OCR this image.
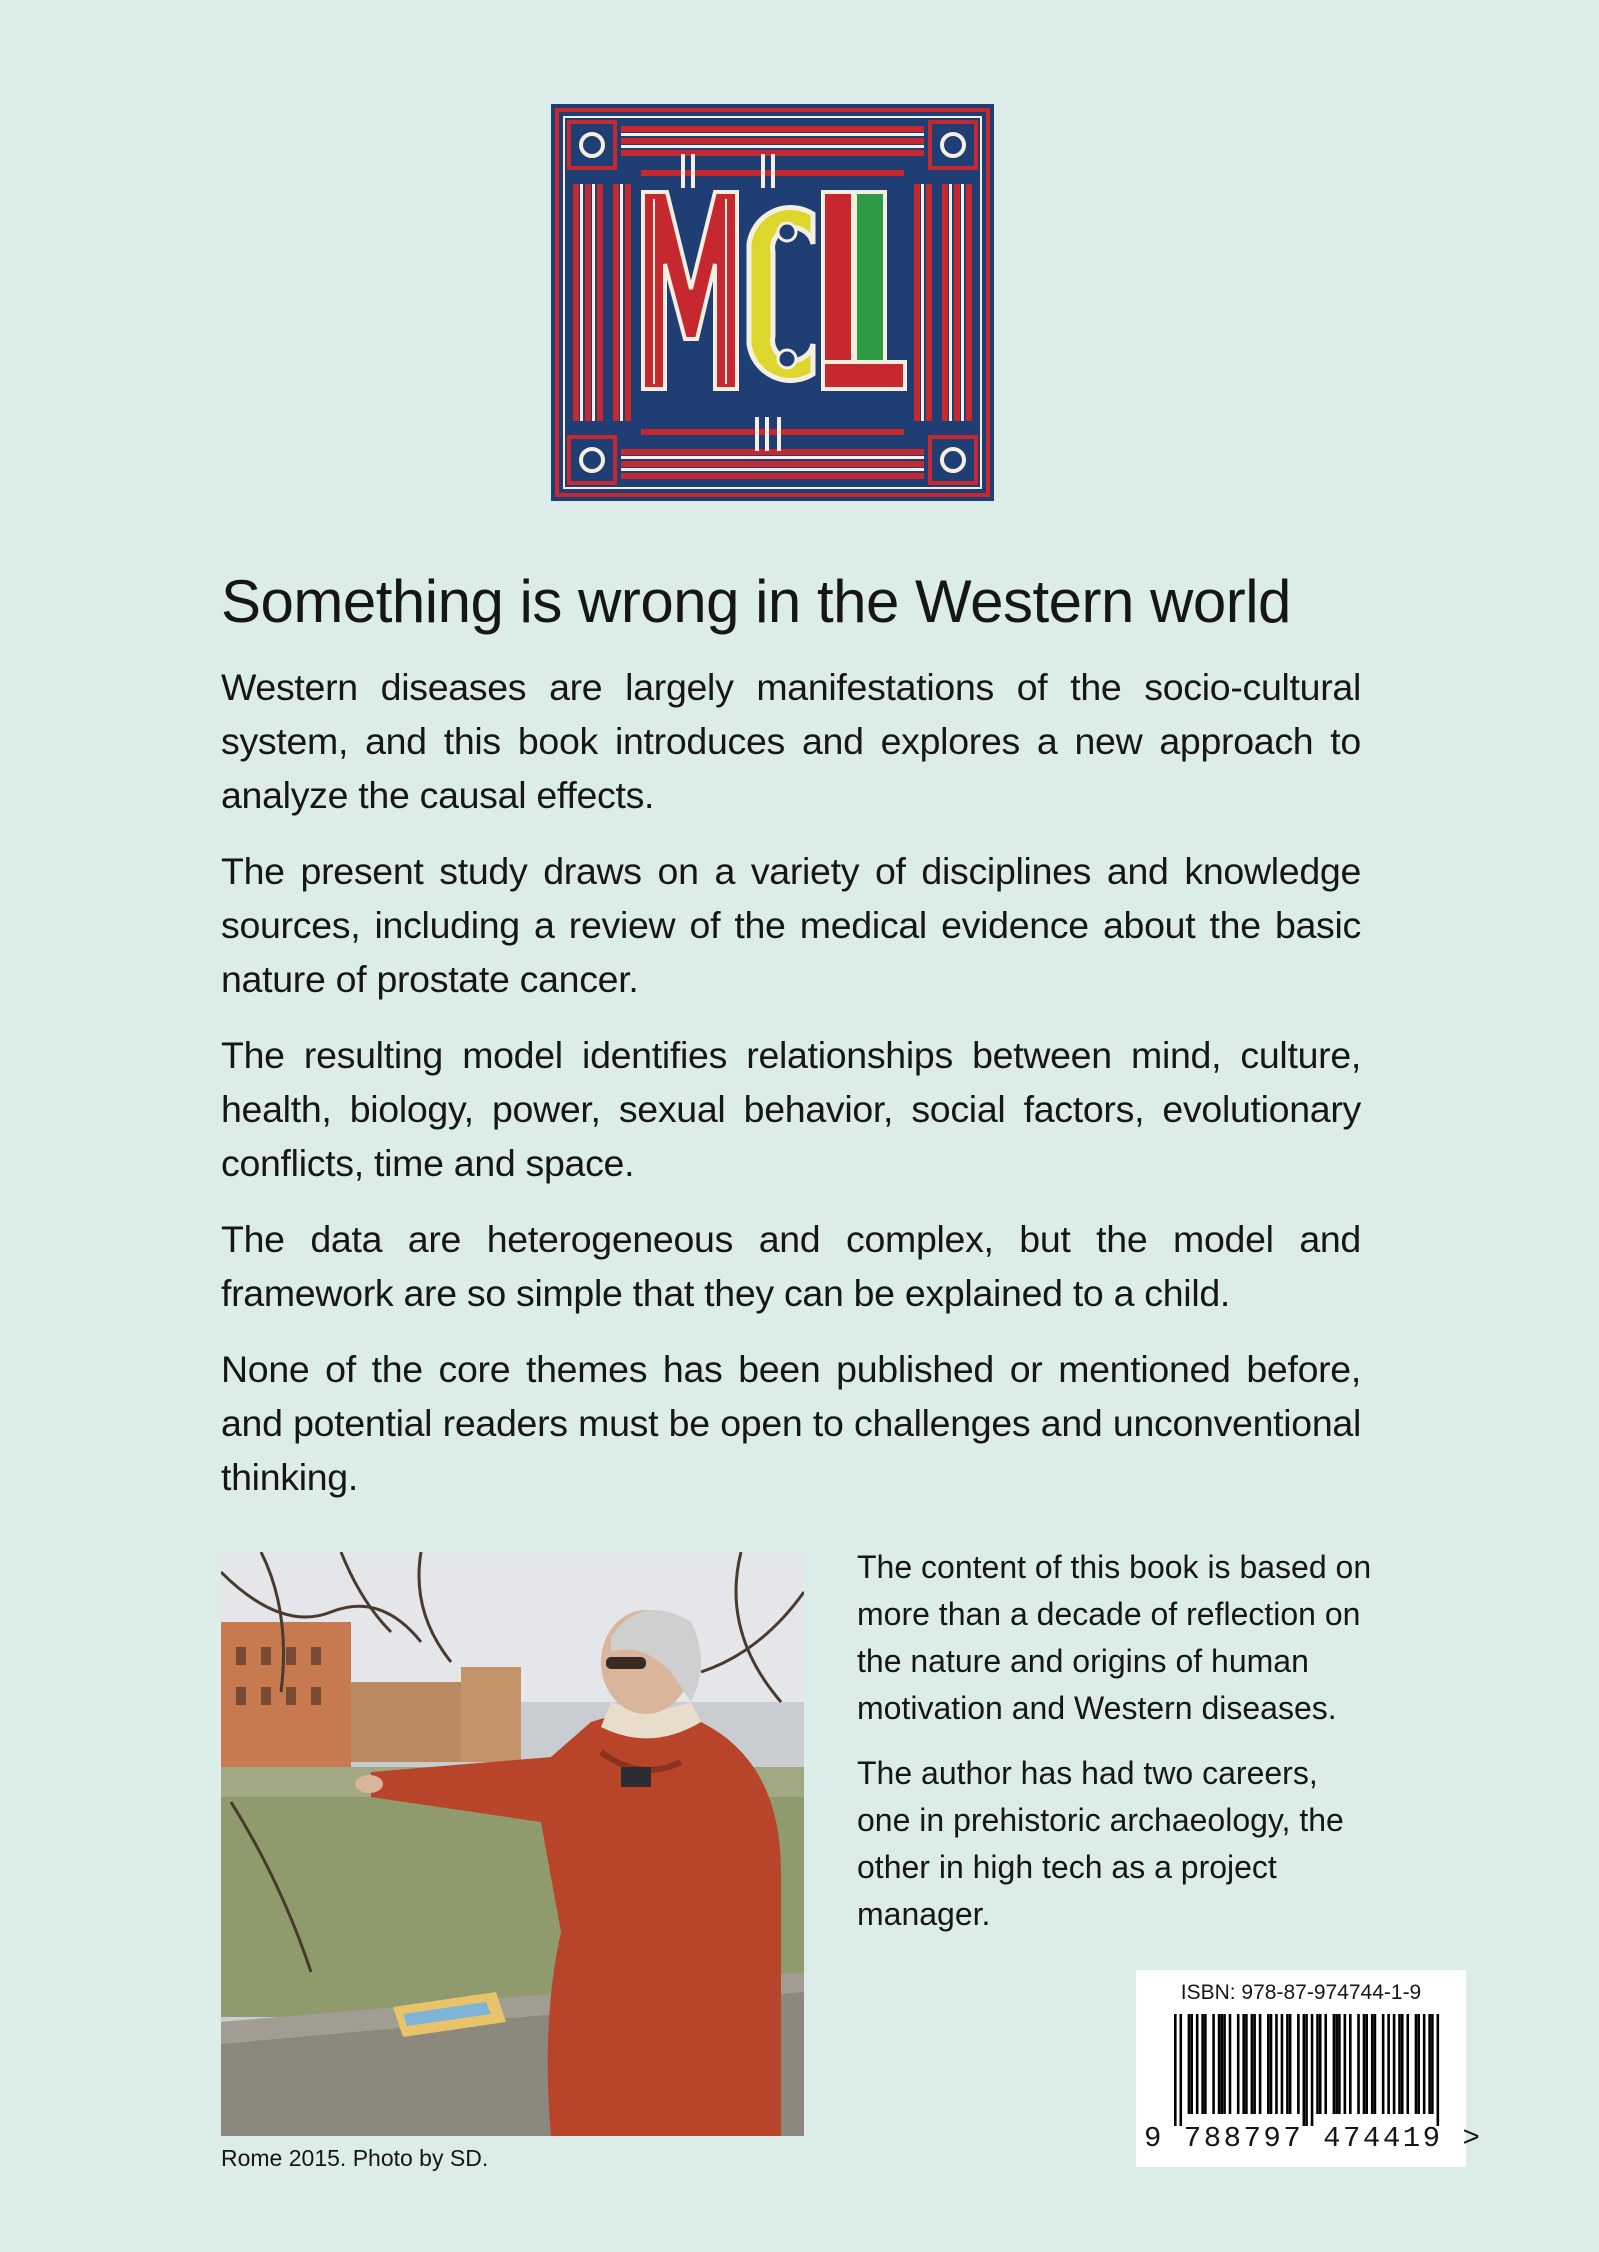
Something is wrong in the Western world

Western diseases are largely manifestations of the socio-cultural system, and this book introduces and explores a new approach to analyze the causal effects.

The present study draws on a variety of disciplines and knowledge sources, including a review of the medical evidence about the basic nature of prostate cancer.

The resulting model identifies relationships between mind, culture, health, biology, power, sexual behavior, social factors, evolutionary conflicts, time and space.

The data are heterogeneous and complex, but the model and framework are so simple that they can be explained to a child.

None of the core themes has been published or mentioned before, and potential readers must be open to challenges and unconventional thinking.

Rome 2015. Photo by SD.

The content of this book is based on more than a decade of reflection on the nature and origins of human motivation and Western diseases.

The author has had two careers, one in prehistoric archaeology, the other in high tech as a project manager.

ISBN: 978-87-974744-1-9
9 788797 474419 >
